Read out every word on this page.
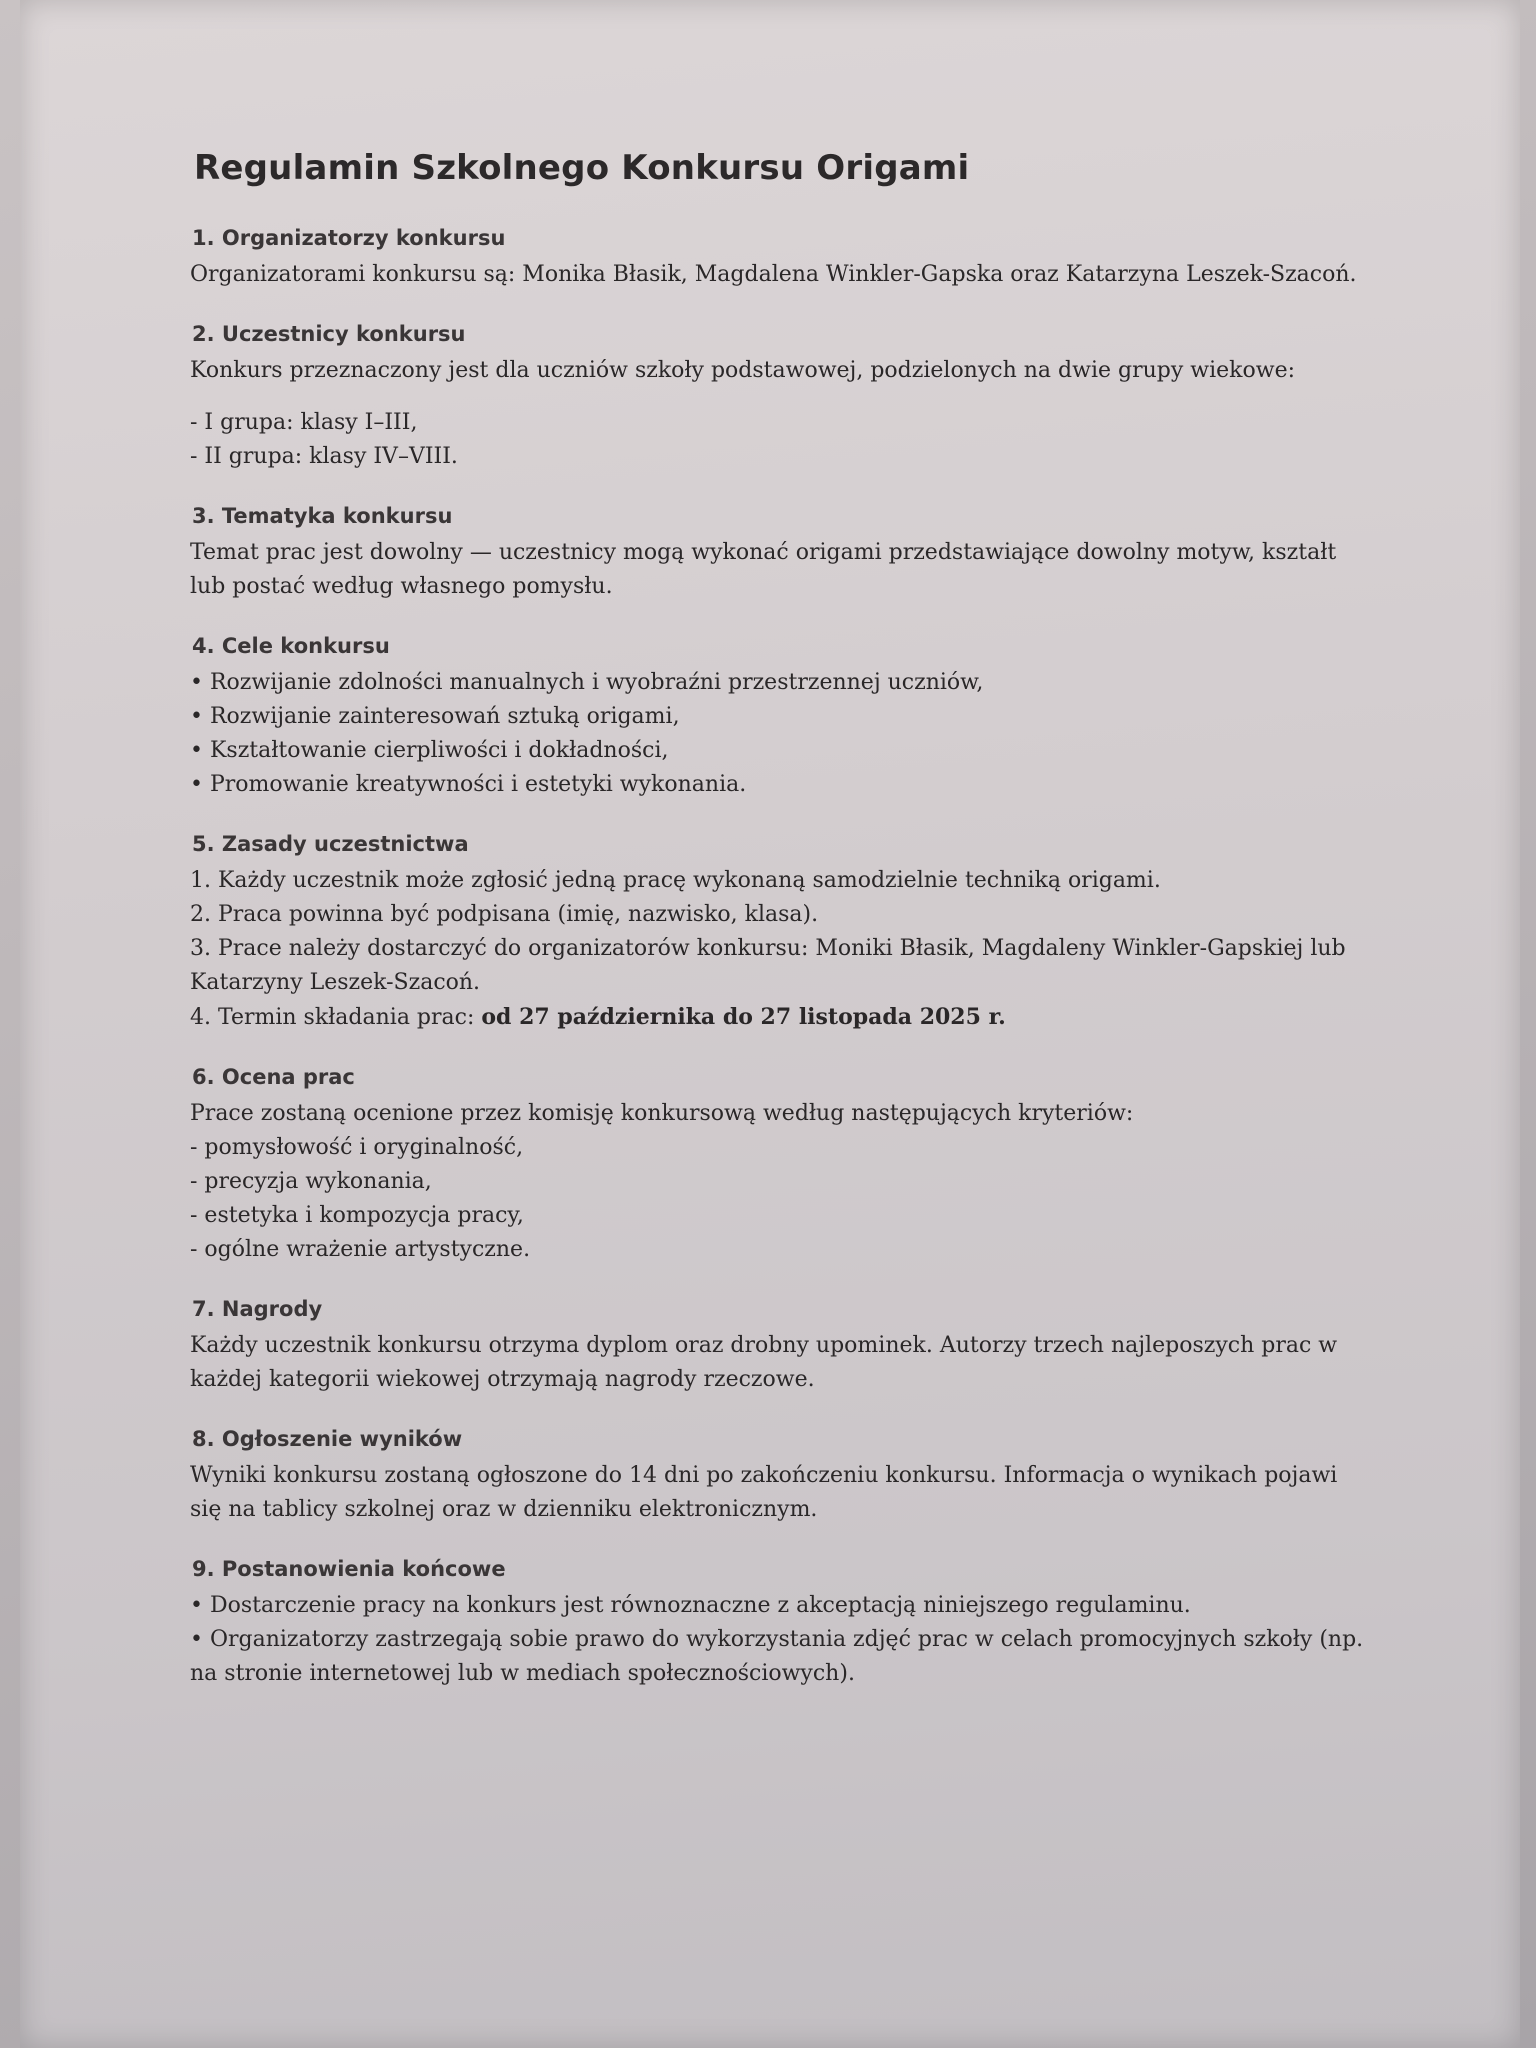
Regulamin Szkolnego Konkursu Origami
1. Organizatorzy konkursu

Organizatorami konkursu są: Monika Błasik, Magdalena Winkler-Gapska oraz Katarzyna Leszek-Szacoń.

2. Uczestnicy konkursu

Konkurs przeznaczony jest dla uczniów szkoły podstawowej, podzielonych na dwie grupy wiekowe:

- I grupa: klasy I–III,
- II grupa: klasy IV–VIII.
3. Tematyka konkursu

Temat prac jest dowolny — uczestnicy mogą wykonać origami przedstawiające dowolny motyw, kształt lub postać według własnego pomysłu.

4. Cele konkursu
• Rozwijanie zdolności manualnych i wyobraźni przestrzennej uczniów,
• Rozwijanie zainteresowań sztuką origami,
• Kształtowanie cierpliwości i dokładności,
• Promowanie kreatywności i estetyki wykonania.
5. Zasady uczestnictwa
1. Każdy uczestnik może zgłosić jedną pracę wykonaną samodzielnie techniką origami.
2. Praca powinna być podpisana (imię, nazwisko, klasa).
3. Prace należy dostarczyć do organizatorów konkursu: Moniki Błasik, Magdaleny Winkler-Gapskiej lub Katarzyny Leszek-Szacoń.
4. Termin składania prac: od 27 października do 27 listopada 2025 r.
6. Ocena prac

Prace zostaną ocenione przez komisję konkursową według następujących kryteriów:

- pomysłowość i oryginalność,
- precyzja wykonania,
- estetyka i kompozycja pracy,
- ogólne wrażenie artystyczne.
7. Nagrody

Każdy uczestnik konkursu otrzyma dyplom oraz drobny upominek. Autorzy trzech najleposzych prac w każdej kategorii wiekowej otrzymają nagrody rzeczowe.

8. Ogłoszenie wyników

Wyniki konkursu zostaną ogłoszone do 14 dni po zakończeniu konkursu. Informacja o wynikach pojawi się na tablicy szkolnej oraz w dzienniku elektronicznym.

9. Postanowienia końcowe
• Dostarczenie pracy na konkurs jest równoznaczne z akceptacją niniejszego regulaminu.
• Organizatorzy zastrzegają sobie prawo do wykorzystania zdjęć prac w celach promocyjnych szkoły (np. na stronie internetowej lub w mediach społecznościowych).
